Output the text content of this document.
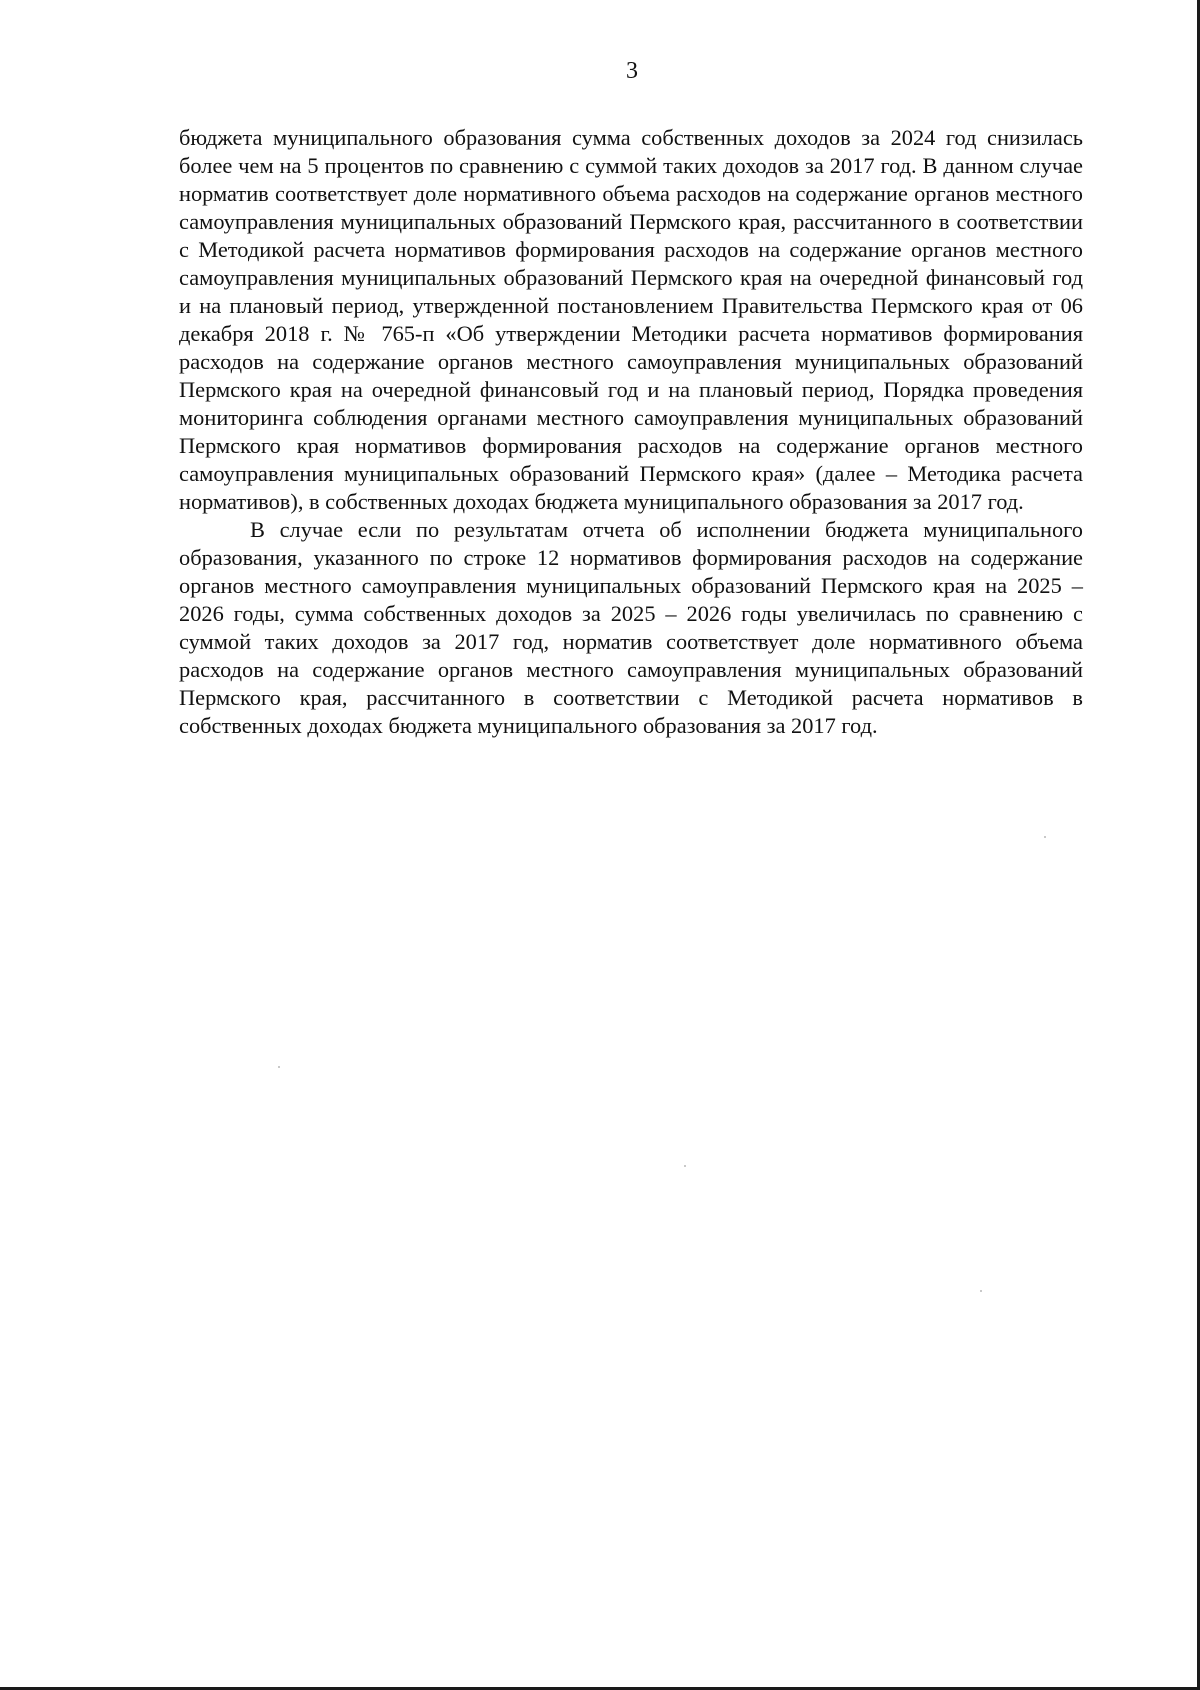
3

бюджета муниципального образования сумма собственных доходов за 2024 год снизилась более чем на 5 процентов по сравнению с суммой таких доходов за 2017 год. В данном случае норматив соответствует доле нормативного объема расходов на содержание органов местного самоуправления муниципальных образований Пермского края, рассчитанного в соответствии с Методикой расчета нормативов формирования расходов на содержание органов местного самоуправления муниципальных образований Пермского края на очередной финансовый год и на плановый период, утвержденной постановлением Правительства Пермского края от 06 декабря 2018 г. № 765-п «Об утверждении Методики расчета нормативов формирования расходов на содержание органов местного самоуправления муниципальных образований Пермского края на очередной финансовый год и на плановый период, Порядка проведения мониторинга соблюдения органами местного самоуправления муниципальных образований Пермского края нормативов формирования расходов на содержание органов местного самоуправления муниципальных образований Пермского края» (далее – Методика расчета нормативов), в собственных доходах бюджета муниципального образования за 2017 год.

В случае если по результатам отчета об исполнении бюджета муниципального образования, указанного по строке 12 нормативов формирования расходов на содержание органов местного самоуправления муниципальных образований Пермского края на 2025 – 2026 годы, сумма собственных доходов за 2025 – 2026 годы увеличилась по сравнению с суммой таких доходов за 2017 год, норматив соответствует доле нормативного объема расходов на содержание органов местного самоуправления муниципальных образований Пермского края, рассчитанного в соответствии с Методикой расчета нормативов в собственных доходах бюджета муниципального образования за 2017 год.
